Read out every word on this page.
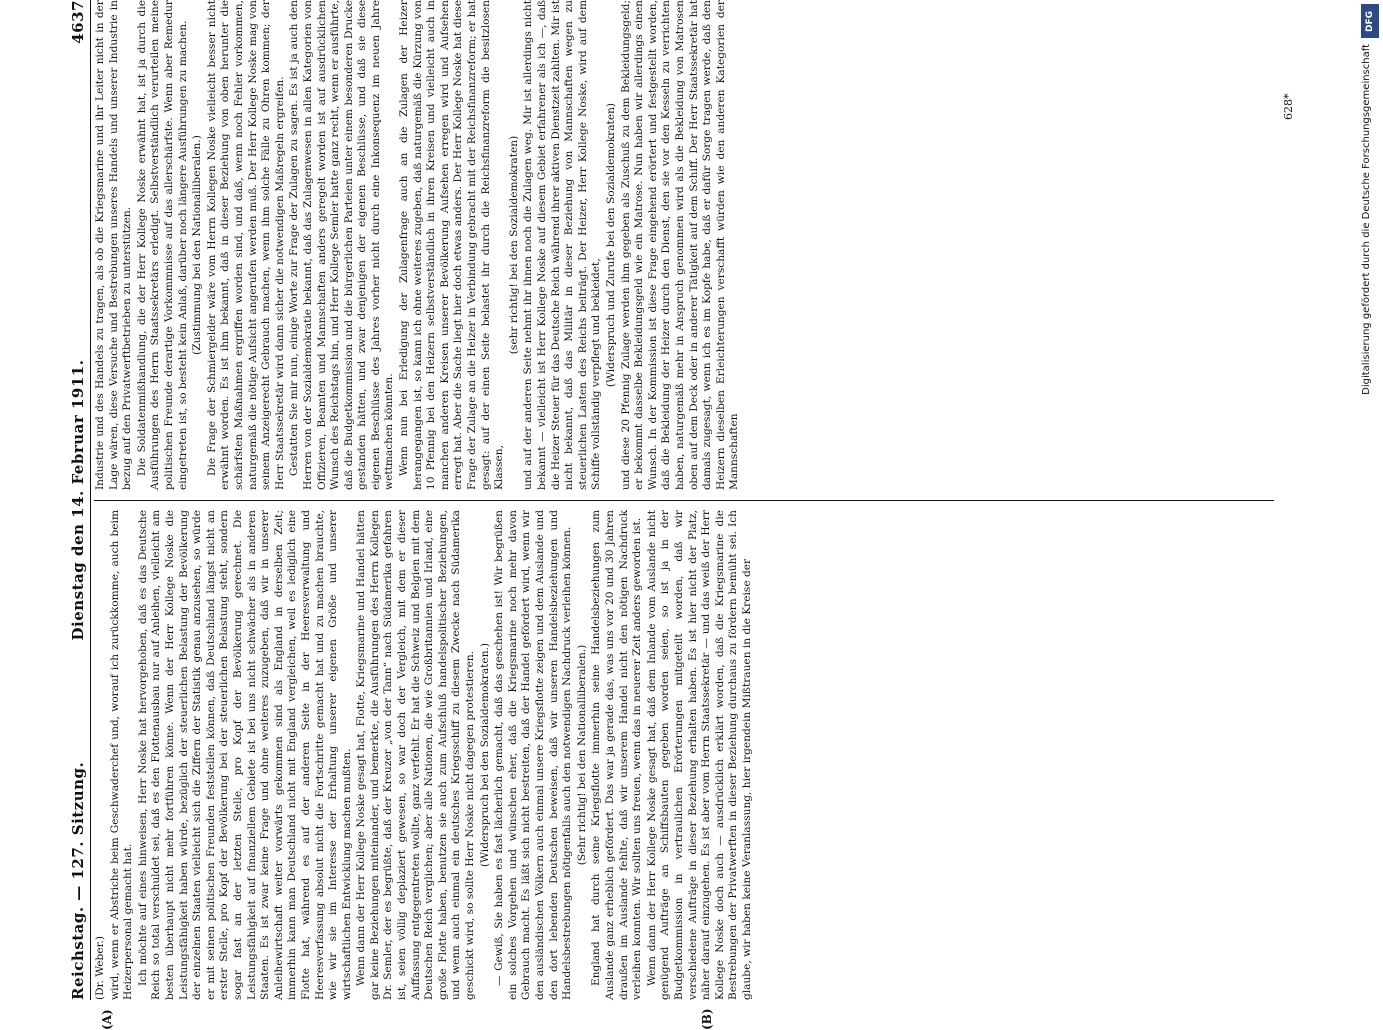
Reichstag. — 127. Sitzung.
Dienstag den 14. Februar 1911.
4637

(Dr. Weber.) wird, wenn er Abstriche beim Geschwaderchef und, worauf ich zurückkomme, auch beim Heizerpersonal gemacht hat. Ich möchte auf eines hinweisen, Herr Noske hat hervorgehoben, daß es das Deutsche Reich so total verschuldet sei, daß es den Flottenausbau nur auf Anleihen, vielleicht am besten überhaupt nicht mehr fortführen könne. Wenn der Herr Kollege Noske die Leistungsfähigkeit haben würde, bezüglich der steuerlichen Belastung der Bevölkerung der einzelnen Staaten vielleicht sich die Ziffern der Statistik genau anzusehen, so würde er mit seinen politischen Freunden feststellen können, daß Deutschland längst nicht an erster Stelle, pro Kopf der Bevölkerung bei der steuerlichen Belastung steht, sondern sogar fast an der letzten Stelle, pro Kopf der Bevölkerung gerechnet. Die Leistungsfähigkeit auf finanziellem Gebiete ist bei uns nicht schwächer als in anderen Staaten. Es ist zwar keine Frage und ohne weiteres zuzugeben, daß wir in unserer Anleihewirtschaft weiter vorwärts gekommen sind als England in derselben Zeit; immerhin kann man Deutschland nicht mit England vergleichen, weil es lediglich eine Flotte hat, während es auf der anderen Seite in der Heeresverwaltung und Heeresverfassung absolut nicht die Fortschritte gemacht hat und zu machen brauchte, wie wir sie im Interesse der Erhaltung unserer eigenen Größe und unserer wirtschaftlichen Entwicklung machen mußten. Wenn dann der Herr Kollege Noske gesagt hat, Flotte, Kriegsmarine und Handel hätten gar keine Beziehungen miteinander, und bemerkte, die Ausführungen des Herrn Kollegen Dr. Semler, der es begrüßte, daß der Kreuzer „von der Tann“ nach Südamerika gefahren ist, seien völlig deplaziert gewesen, so war doch der Vergleich, mit dem er dieser Auffassung entgegentreten wollte, ganz verfehlt. Er hat die Schweiz und Belgien mit dem Deutschen Reich verglichen; aber alle Nationen, die wie Großbritannien und Irland, eine große Flotte haben, benutzen sie auch zum Aufschluß handelspolitischer Beziehungen, und wenn auch einmal ein deutsches Kriegsschiff zu diesem Zwecke nach Südamerika geschickt wird, so sollte Herr Noske nicht dagegen protestieren. (Widerspruch bei den Sozialdemokraten.) — Gewiß, Sie haben es fast lächerlich gemacht, daß das geschehen ist! Wir begrüßen ein solches Vorgehen und wünschen eher, daß die Kriegsmarine noch mehr davon Gebrauch macht. Es läßt sich nicht bestreiten, daß der Handel gefördert wird, wenn wir den ausländischen Völkern auch einmal unsere Kriegsflotte zeigen und dem Auslande und den dort lebenden Deutschen beweisen, daß wir unseren Handelsbeziehungen und Handelsbestrebungen nötigenfalls auch den notwendigen Nachdruck verleihen können. (Sehr richtig! bei den Nationalliberalen.) England hat durch seine Kriegsflotte immerhin seine Handelsbeziehungen zum Auslande ganz erheblich gefördert. Das war ja gerade das, was uns vor 20 und 30 Jahren draußen im Auslande fehlte, daß wir unserem Handel nicht den nötigen Nachdruck verleihen konnten. Wir sollten uns freuen, wenn das in neuerer Zeit anders geworden ist. Wenn dann der Herr Kollege Noske gesagt hat, daß dem Inlande vom Auslande nicht genügend Aufträge an Schiffsbauten gegeben worden seien, so ist ja in der Budgetkommission in vertraulichen Erörterungen mitgeteilt worden, daß wir verschiedene Aufträge in dieser Beziehung erhalten haben. Es ist hier nicht der Platz, näher darauf einzugehen. Es ist aber vom Herrn Staatssekretär — und das weiß der Herr Kollege Noske doch auch — ausdrücklich erklärt worden, daß die Kriegsmarine die Bestrebungen der Privatwerften in dieser Beziehung durchaus zu fördern bemüht sei. Ich glaube, wir haben keine Veranlassung, hier irgendein Mißtrauen in die Kreise der

Industrie und des Handels zu tragen, als ob die Kriegsmarine und ihr Leiter nicht in der Lage wären, diese Versuche und Bestrebungen unseres Handels und unserer Industrie in bezug auf den Privatwerftbetrieben zu unterstützen. Die Soldatenmißhandlung, die der Herr Kollege Noske erwähnt hat, ist ja durch die Ausführungen des Herrn Staatssekretärs erledigt. Selbstverständlich verurteilen meine politischen Freunde derartige Vorkommnisse auf das allerschärfste. Wenn aber Remedur eingetreten ist, so besteht kein Anlaß, darüber noch längere Ausführungen zu machen. (Zustimmung bei den Nationalliberalen.) Die Frage der Schmiergelder wäre vom Herrn Kollegen Noske vielleicht besser nicht erwähnt worden. Es ist ihm bekannt, daß in dieser Beziehung von oben herunter die schärfsten Maßnahmen ergriffen worden sind, und daß, wenn noch Fehler vorkommen, naturgemäß die nötige Aufsicht angerufen werden muß. Der Herr Kollege Noske mag von seinem Anzeigerecht Gebrauch machen, wenn ihm solche Fälle zu Ohren kommen; der Herr Staatssekretär wird dann sicher die notwendigen Maßregeln ergreifen. Gestatten Sie mir nun, einige Worte zur Frage der Zulagen zu sagen. Es ist ja auch den Herren von der Sozialdemokratie bekannt, daß das Zulagenwesen in allen Kategorien von Offizieren, Beamten und Mannschaften anders geregelt worden ist auf ausdrücklichen Wunsch des Reichstags hin, und Herr Kollege Semler hatte ganz recht, wenn er ausführte, daß die Budgetkommission und die bürgerlichen Parteien unter einem besonderen Drucke gestanden hätten, und zwar denjenigen der eigenen Beschlüsse, und daß sie diese eigenen Beschlüsse des Jahres vorher nicht durch eine Inkonsequenz im neuen Jahre wettmachen könnten. Wenn nun bei Erledigung der Zulagenfrage auch an die Zulagen der Heizer herangegangen ist, so kann ich ohne weiteres zugeben, daß naturgemäß die Kürzung von 10 Pfennig bei den Heizern selbstverständlich in ihren Kreisen und vielleicht auch in manchen anderen Kreisen unserer Bevölkerung Aufsehen erregen wird und Aufsehen erregt hat. Aber die Sache liegt hier doch etwas anders. Der Herr Kollege Noske hat diese Frage der Zulage an die Heizer in Verbindung gebracht mit der Reichsfinanzreform; er hat gesagt: auf der einen Seite belastet ihr durch die Reichsfinanzreform die besitzlosen Klassen,

(sehr richtig! bei den Sozialdemokraten) und auf der anderen Seite nehmt ihr ihnen noch die Zulagen weg. Mir ist allerdings nicht bekannt — vielleicht ist Herr Kollege Noske auf diesem Gebiet erfahrener als ich —, daß die Heizer Steuer für das Deutsche Reich während ihrer aktiven Dienstzeit zahlten. Mir ist nicht bekannt, daß das Militär in dieser Beziehung von Mannschaften wegen zu steuerlichen Lasten des Reichs beiträgt. Der Heizer, Herr Kollege Noske, wird auf dem Schiffe vollständig verpflegt und bekleidet, (Widerspruch und Zurufe bei den Sozialdemokraten) und diese 20 Pfennig Zulage werden ihm gegeben als Zuschuß zu dem Bekleidungsgeld; er bekommt dasselbe Bekleidungsgeld wie ein Matrose. Nun haben wir allerdings einen Wunsch. In der Kommission ist diese Frage eingehend erörtert und festgestellt worden, daß die Bekleidung der Heizer durch den Dienst, den sie vor den Kesseln zu verrichten haben, naturgemäß mehr in Anspruch genommen wird als die Bekleidung von Matrosen oben auf dem Deck oder in anderer Tätigkeit auf dem Schiff. Der Herr Staatssekretär hat damals zugesagt, wenn ich es im Kopfe habe, daß er dafür Sorge tragen werde, daß den Heizern dieselben Erleichterungen verschafft würden wie den anderen Kategorien der Mannschaften

(A)	(B)
628*
DFG
Digitalisierung gefördert durch die Deutsche Forschungsgemeinschaft
